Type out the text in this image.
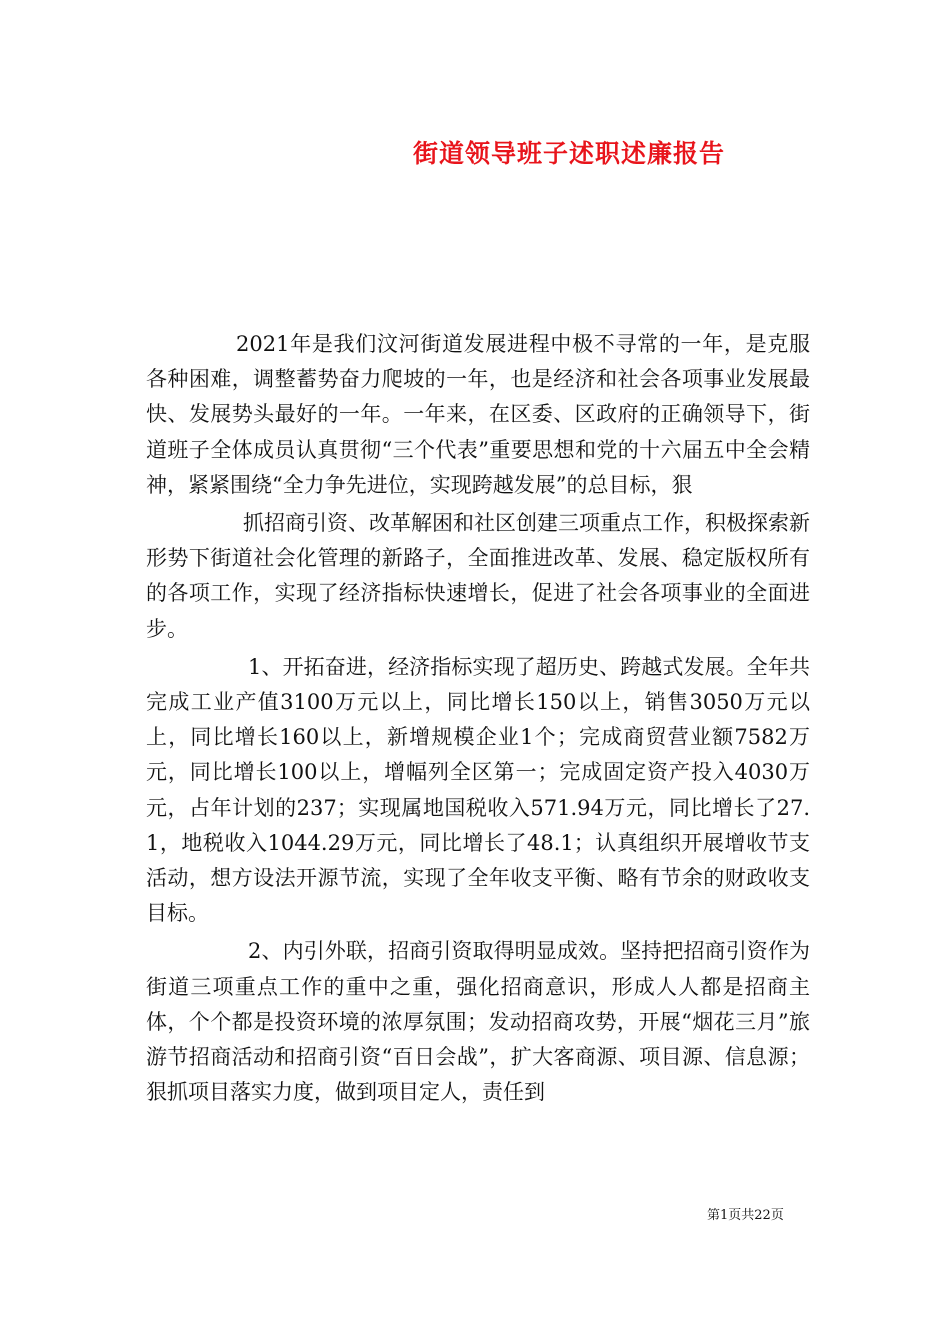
街道领导班子述职述廉报告

2021年是我们汶河街道发展进程中极不寻常的一年，是克服各种困难，调整蓄势奋力爬坡的一年，也是经济和社会各项事业发展最快、发展势头最好的一年。一年来，在区委、区政府的正确领导下，街道班子全体成员认真贯彻“三个代表”重要思想和党的十六届五中全会精神，紧紧围绕“全力争先进位，实现跨越发展”的总目标，狠

抓招商引资、改革解困和社区创建三项重点工作，积极探索新形势下街道社会化管理的新路子，全面推进改革、发展、稳定版权所有的各项工作，实现了经济指标快速增长，促进了社会各项事业的全面进步。

1、开拓奋进，经济指标实现了超历史、跨越式发展。全年共完成工业产值3100万元以上，同比增长150以上，销售3050万元以上，同比增长160以上，新增规模企业1个；完成商贸营业额7582万元，同比增长100以上，增幅列全区第一；完成固定资产投入4030万元，占年计划的237；实现属地国税收入571.94万元，同比增长了27.1，地税收入1044.29万元，同比增长了48.1；认真组织开展增收节支活动，想方设法开源节流，实现了全年收支平衡、略有节余的财政收支目标。

2、内引外联，招商引资取得明显成效。坚持把招商引资作为街道三项重点工作的重中之重，强化招商意识，形成人人都是招商主体，个个都是投资环境的浓厚氛围；发动招商攻势，开展“烟花三月”旅游节招商活动和招商引资“百日会战”，扩大客商源、项目源、信息源；狠抓项目落实力度，做到项目定人，责任到

第1页共22页
